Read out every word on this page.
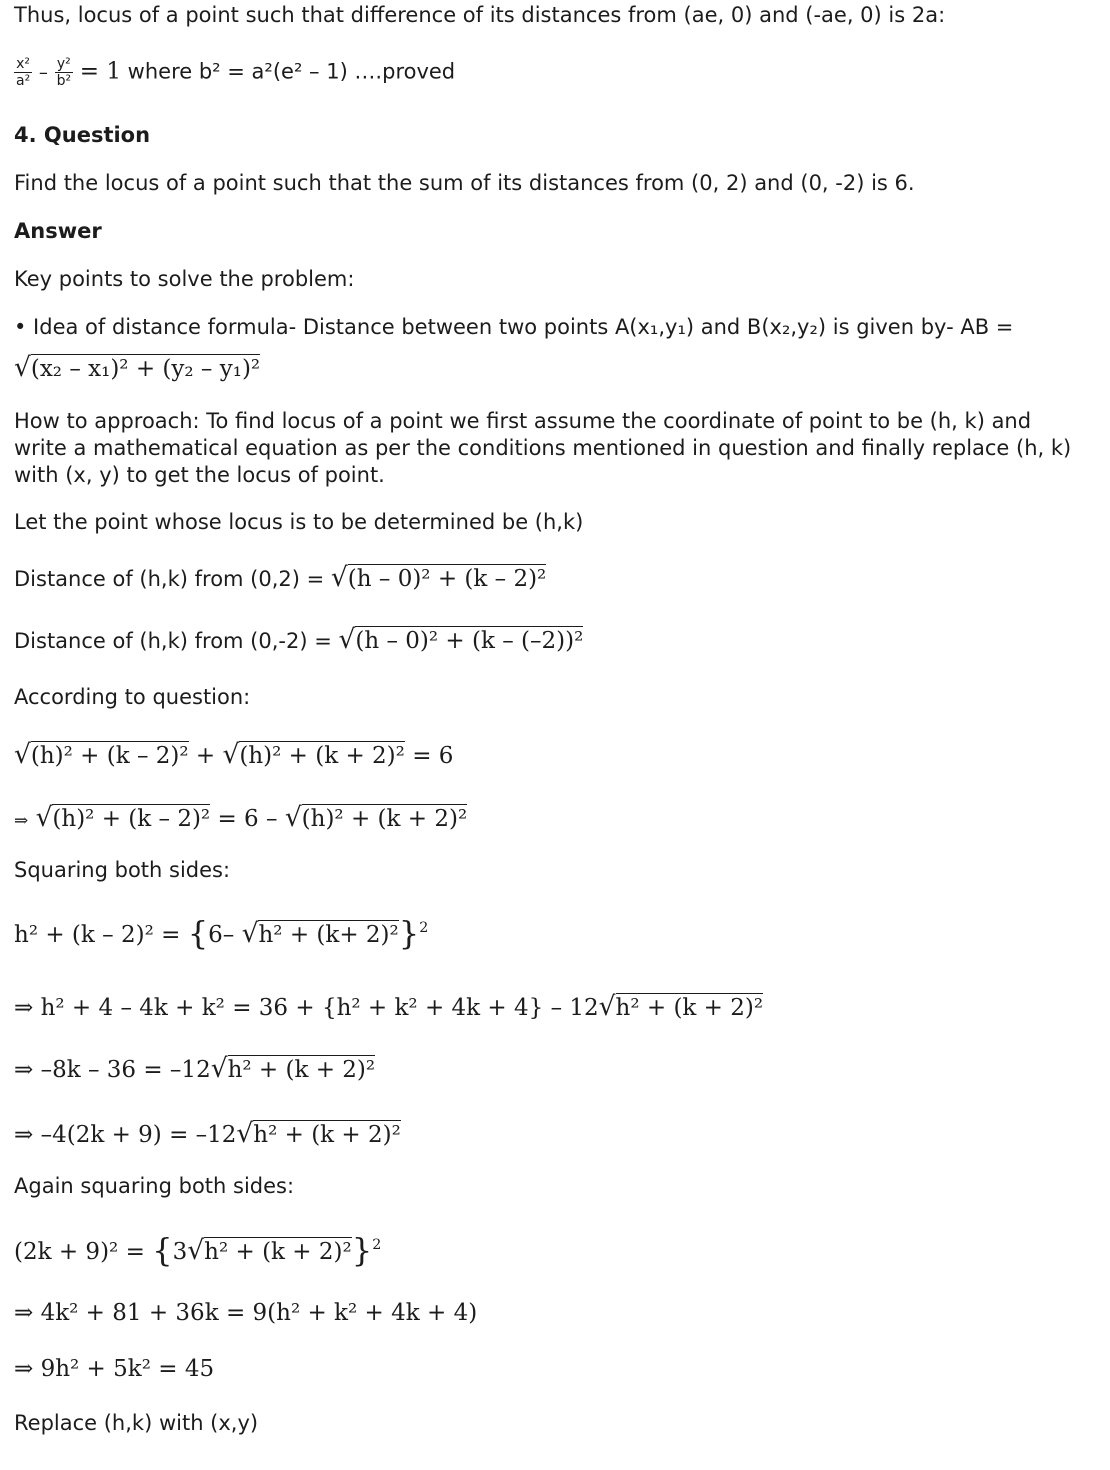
Thus, locus of a point such that difference of its distances from (ae, 0) and (-ae, 0) is 2a:
$\frac{\text{x²}}{\text{a²}} - \frac{\text{y²}}{\text{b²}} = 1$ where b² = a²(e² – 1) ….proved
4. Question
Find the locus of a point such that the sum of its distances from (0, 2) and (0, -2) is 6.
Answer
Key points to solve the problem:
• Idea of distance formula- Distance between two points A(x₁,y₁) and B(x₂,y₂) is given by- AB =
√(x₂ – x₁)² + (y₂ – y₁)²
How to approach: To find locus of a point we first assume the coordinate of point to be (h, k) and write a mathematical equation as per the conditions mentioned in question and finally replace (h, k) with (x, y) to get the locus of point.
Let the point whose locus is to be determined be (h,k)
Distance of (h,k) from (0,2) = √(h – 0)² + (k – 2)²
Distance of (h,k) from (0,-2) = √(h – 0)² + (k – (–2))²
According to question:
√(h)² + (k – 2)² + √(h)² + (k + 2)² = 6
⇒ √(h)² + (k – 2)² = 6 – √(h)² + (k + 2)²
Squaring both sides:
h² + (k – 2)² = {6– √h² + (k+ 2)²}$^2$
⇒ h² + 4 – 4k + k² = 36 + {h² + k² + 4k + 4} – 12√h² + (k + 2)²
⇒ –8k – 36 = –12√h² + (k + 2)²
⇒ –4(2k + 9) = –12√h² + (k + 2)²
Again squaring both sides:
$(2k + 9)^2 = \{3√h^2 + (k + 2)^2\}^2$
⇒ 4k² + 81 + 36k = 9(h² + k² + 4k + 4)
⇒ 9h² + 5k² = 45
Replace (h,k) with (x,y)
